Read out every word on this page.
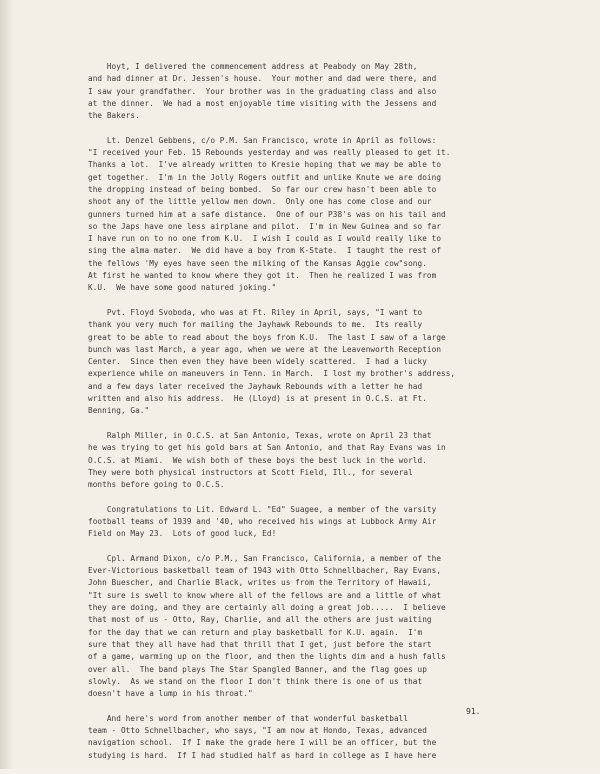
Hoyt, I delivered the commencement address at Peabody on May 28th,
and had dinner at Dr. Jessen's house.  Your mother and dad were there, and
I saw your grandfather.  Your brother was in the graduating class and also
at the dinner.  We had a most enjoyable time visiting with the Jessens and
the Bakers.
Lt. Denzel Gebbens, c/o P.M. San Francisco, wrote in April as follows:
"I received your Feb. 15 Rebounds yesterday and was really pleased to get it.
Thanks a lot.  I've already written to Kresie hoping that we may be able to
get together.  I'm in the Jolly Rogers outfit and unlike Knute we are doing
the dropping instead of being bombed.  So far our crew hasn't been able to
shoot any of the little yellow men down.  Only one has come close and our
gunners turned him at a safe distance.  One of our P38's was on his tail and
so the Japs have one less airplane and pilot.  I'm in New Guinea and so far
I have run on to no one from K.U.  I wish I could as I would really like to
sing the alma mater.  We did have a boy from K-State.  I taught the rest of
the fellows 'My eyes have seen the milking of the Kansas Aggie cow"song.
At first he wanted to know where they got it.  Then he realized I was from
K.U.  We have some good natured joking."
Pvt. Floyd Svoboda, who was at Ft. Riley in April, says, "I want to
thank you very much for mailing the Jayhawk Rebounds to me.  Its really
great to be able to read about the boys from K.U.  The last I saw of a large
bunch was last March, a year ago, when we were at the Leavenworth Reception
Center.  Since then even they have been widely scattered.  I had a lucky
experience while on maneuvers in Tenn. in March.  I lost my brother's address,
and a few days later received the Jayhawk Rebounds with a letter he had
written and also his address.  He (Lloyd) is at present in O.C.S. at Ft.
Benning, Ga."
Ralph Miller, in O.C.S. at San Antonio, Texas, wrote on April 23 that
he was trying to get his gold bars at San Antonio, and that Ray Evans was in
O.C.S. at Miami.  We wish both of these boys the best luck in the world.
They were both physical instructors at Scott Field, Ill., for several
months before going to O.C.S.
Congratulations to Lit. Edward L. "Ed" Suagee, a member of the varsity
football teams of 1939 and '40, who received his wings at Lubbock Army Air
Field on May 23.  Lots of good luck, Ed!
Cpl. Armand Dixon, c/o P.M., San Francisco, California, a member of the
Ever-Victorious basketball team of 1943 with Otto Schnellbacher, Ray Evans,
John Buescher, and Charlie Black, writes us from the Territory of Hawaii,
"It sure is swell to know where all of the fellows are and a little of what
they are doing, and they are certainly all doing a great job.....  I believe
that most of us - Otto, Ray, Charlie, and all the others are just waiting
for the day that we can return and play basketball for K.U. again.  I'm
sure that they all have had that thrill that I get, just before the start
of a game, warming up on the floor, and then the lights dim and a hush falls
over all.  The band plays The Star Spangled Banner, and the flag goes up
slowly.  As we stand on the floor I don't think there is one of us that
doesn't have a lump in his throat."
And here's word from another member of that wonderful basketball
team - Otto Schnellbacher, who says, "I am now at Hondo, Texas, advanced
navigation school.  If I make the grade here I will be an officer, but the
studying is hard.  If I had studied half as hard in college as I have here
91.
